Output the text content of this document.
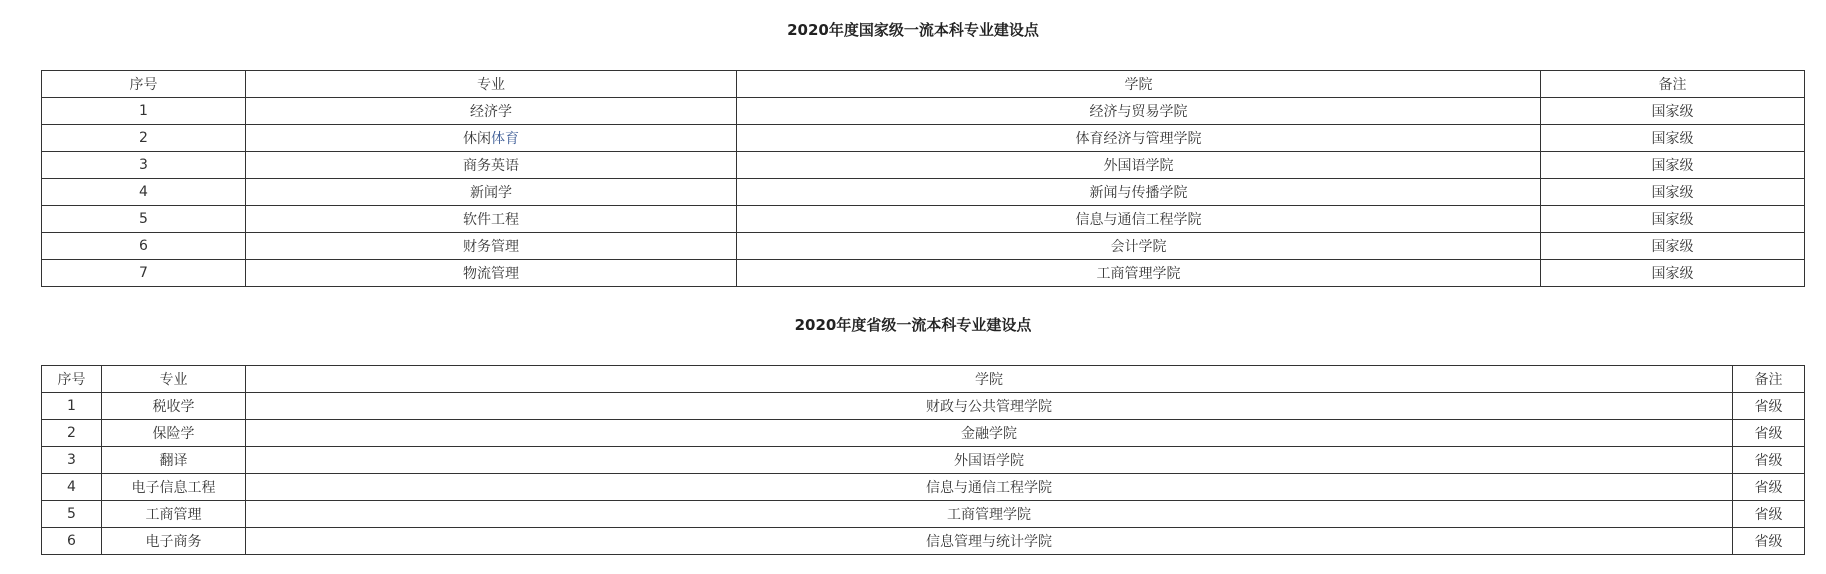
2020年度国家级一流本科专业建设点
序号	专业	学院	备注
1	经济学	经济与贸易学院	国家级
2	休闲体育	体育经济与管理学院	国家级
3	商务英语	外国语学院	国家级
4	新闻学	新闻与传播学院	国家级
5	软件工程	信息与通信工程学院	国家级
6	财务管理	会计学院	国家级
7	物流管理	工商管理学院	国家级
2020年度省级一流本科专业建设点
序号	专业	学院	备注
1	税收学	财政与公共管理学院	省级
2	保险学	金融学院	省级
3	翻译	外国语学院	省级
4	电子信息工程	信息与通信工程学院	省级
5	工商管理	工商管理学院	省级
6	电子商务	信息管理与统计学院	省级
